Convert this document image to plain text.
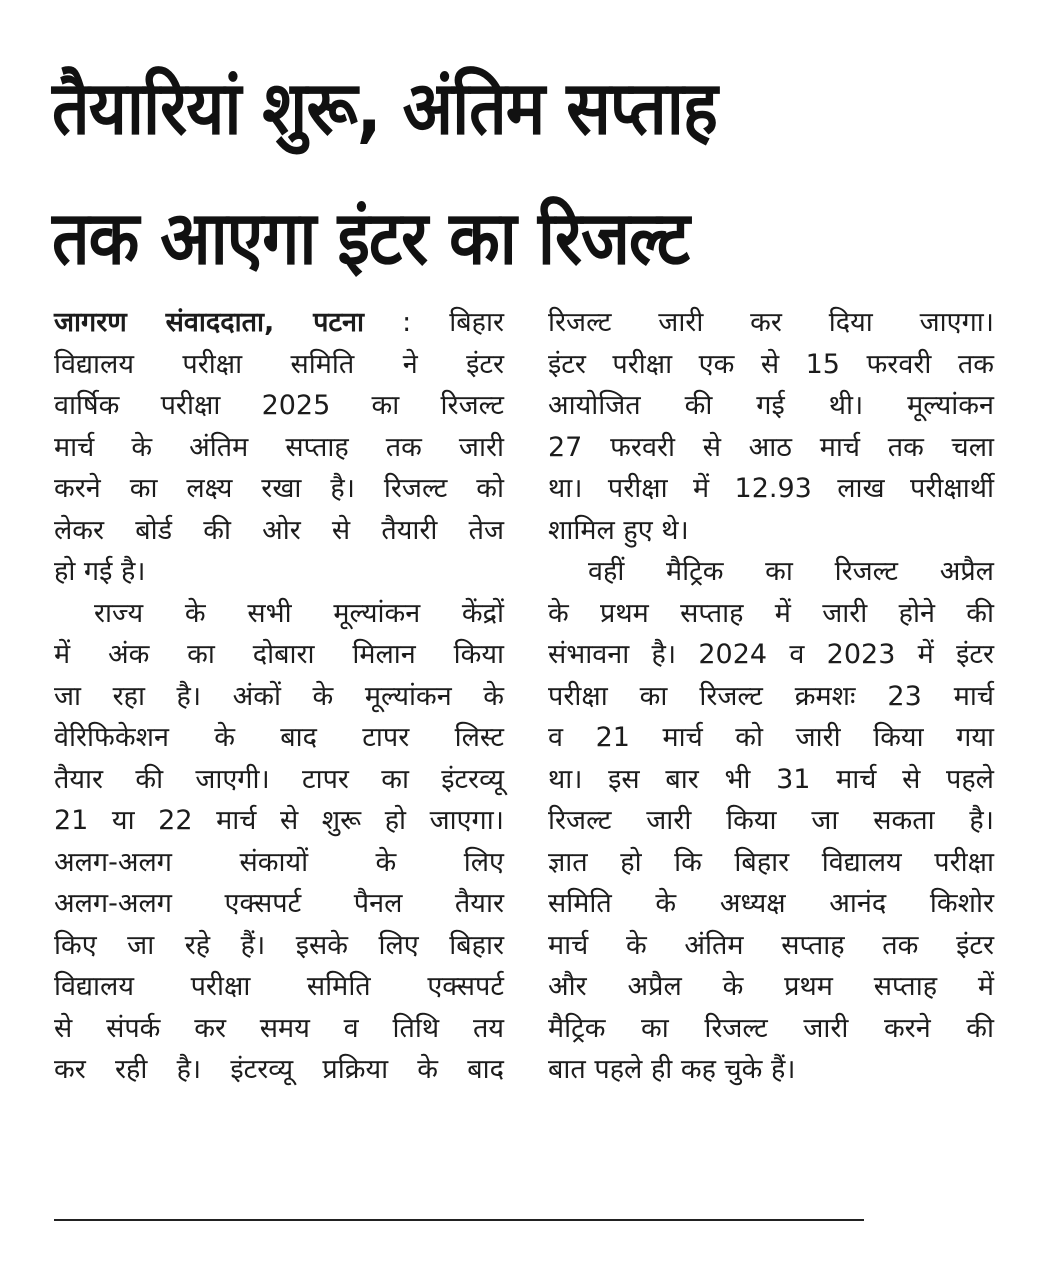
तैयारियां शुरू, अंतिम सप्ताह
तक आएगा इंटर का रिजल्ट
जागरण संवाददाता, पटना : बिहार
विद्यालय परीक्षा समिति ने इंटर
वार्षिक परीक्षा 2025 का रिजल्ट
मार्च के अंतिम सप्ताह तक जारी
करने का लक्ष्य रखा है। रिजल्ट को
लेकर बोर्ड की ओर से तैयारी तेज
हो गई है।
राज्य के सभी मूल्यांकन केंद्रों
में अंक का दोबारा मिलान किया
जा रहा है। अंकों के मूल्यांकन के
वेरिफिकेशन के बाद टापर लिस्ट
तैयार की जाएगी। टापर का इंटरव्यू
21 या 22 मार्च से शुरू हो जाएगा।
अलग-अलग संकायों के लिए
अलग-अलग एक्सपर्ट पैनल तैयार
किए जा रहे हैं। इसके लिए बिहार
विद्यालय परीक्षा समिति एक्सपर्ट
से संपर्क कर समय व तिथि तय
कर रही है। इंटरव्यू प्रक्रिया के बाद
रिजल्ट जारी कर दिया जाएगा।
इंटर परीक्षा एक से 15 फरवरी तक
आयोजित की गई थी। मूल्यांकन
27 फरवरी से आठ मार्च तक चला
था। परीक्षा में 12.93 लाख परीक्षार्थी
शामिल हुए थे।
वहीं मैट्रिक का रिजल्ट अप्रैल
के प्रथम सप्ताह में जारी होने की
संभावना है। 2024 व 2023 में इंटर
परीक्षा का रिजल्ट क्रमशः 23 मार्च
व 21 मार्च को जारी किया गया
था। इस बार भी 31 मार्च से पहले
रिजल्ट जारी किया जा सकता है।
ज्ञात हो कि बिहार विद्यालय परीक्षा
समिति के अध्यक्ष आनंद किशोर
मार्च के अंतिम सप्ताह तक इंटर
और अप्रैल के प्रथम सप्ताह में
मैट्रिक का रिजल्ट जारी करने की
बात पहले ही कह चुके हैं।
